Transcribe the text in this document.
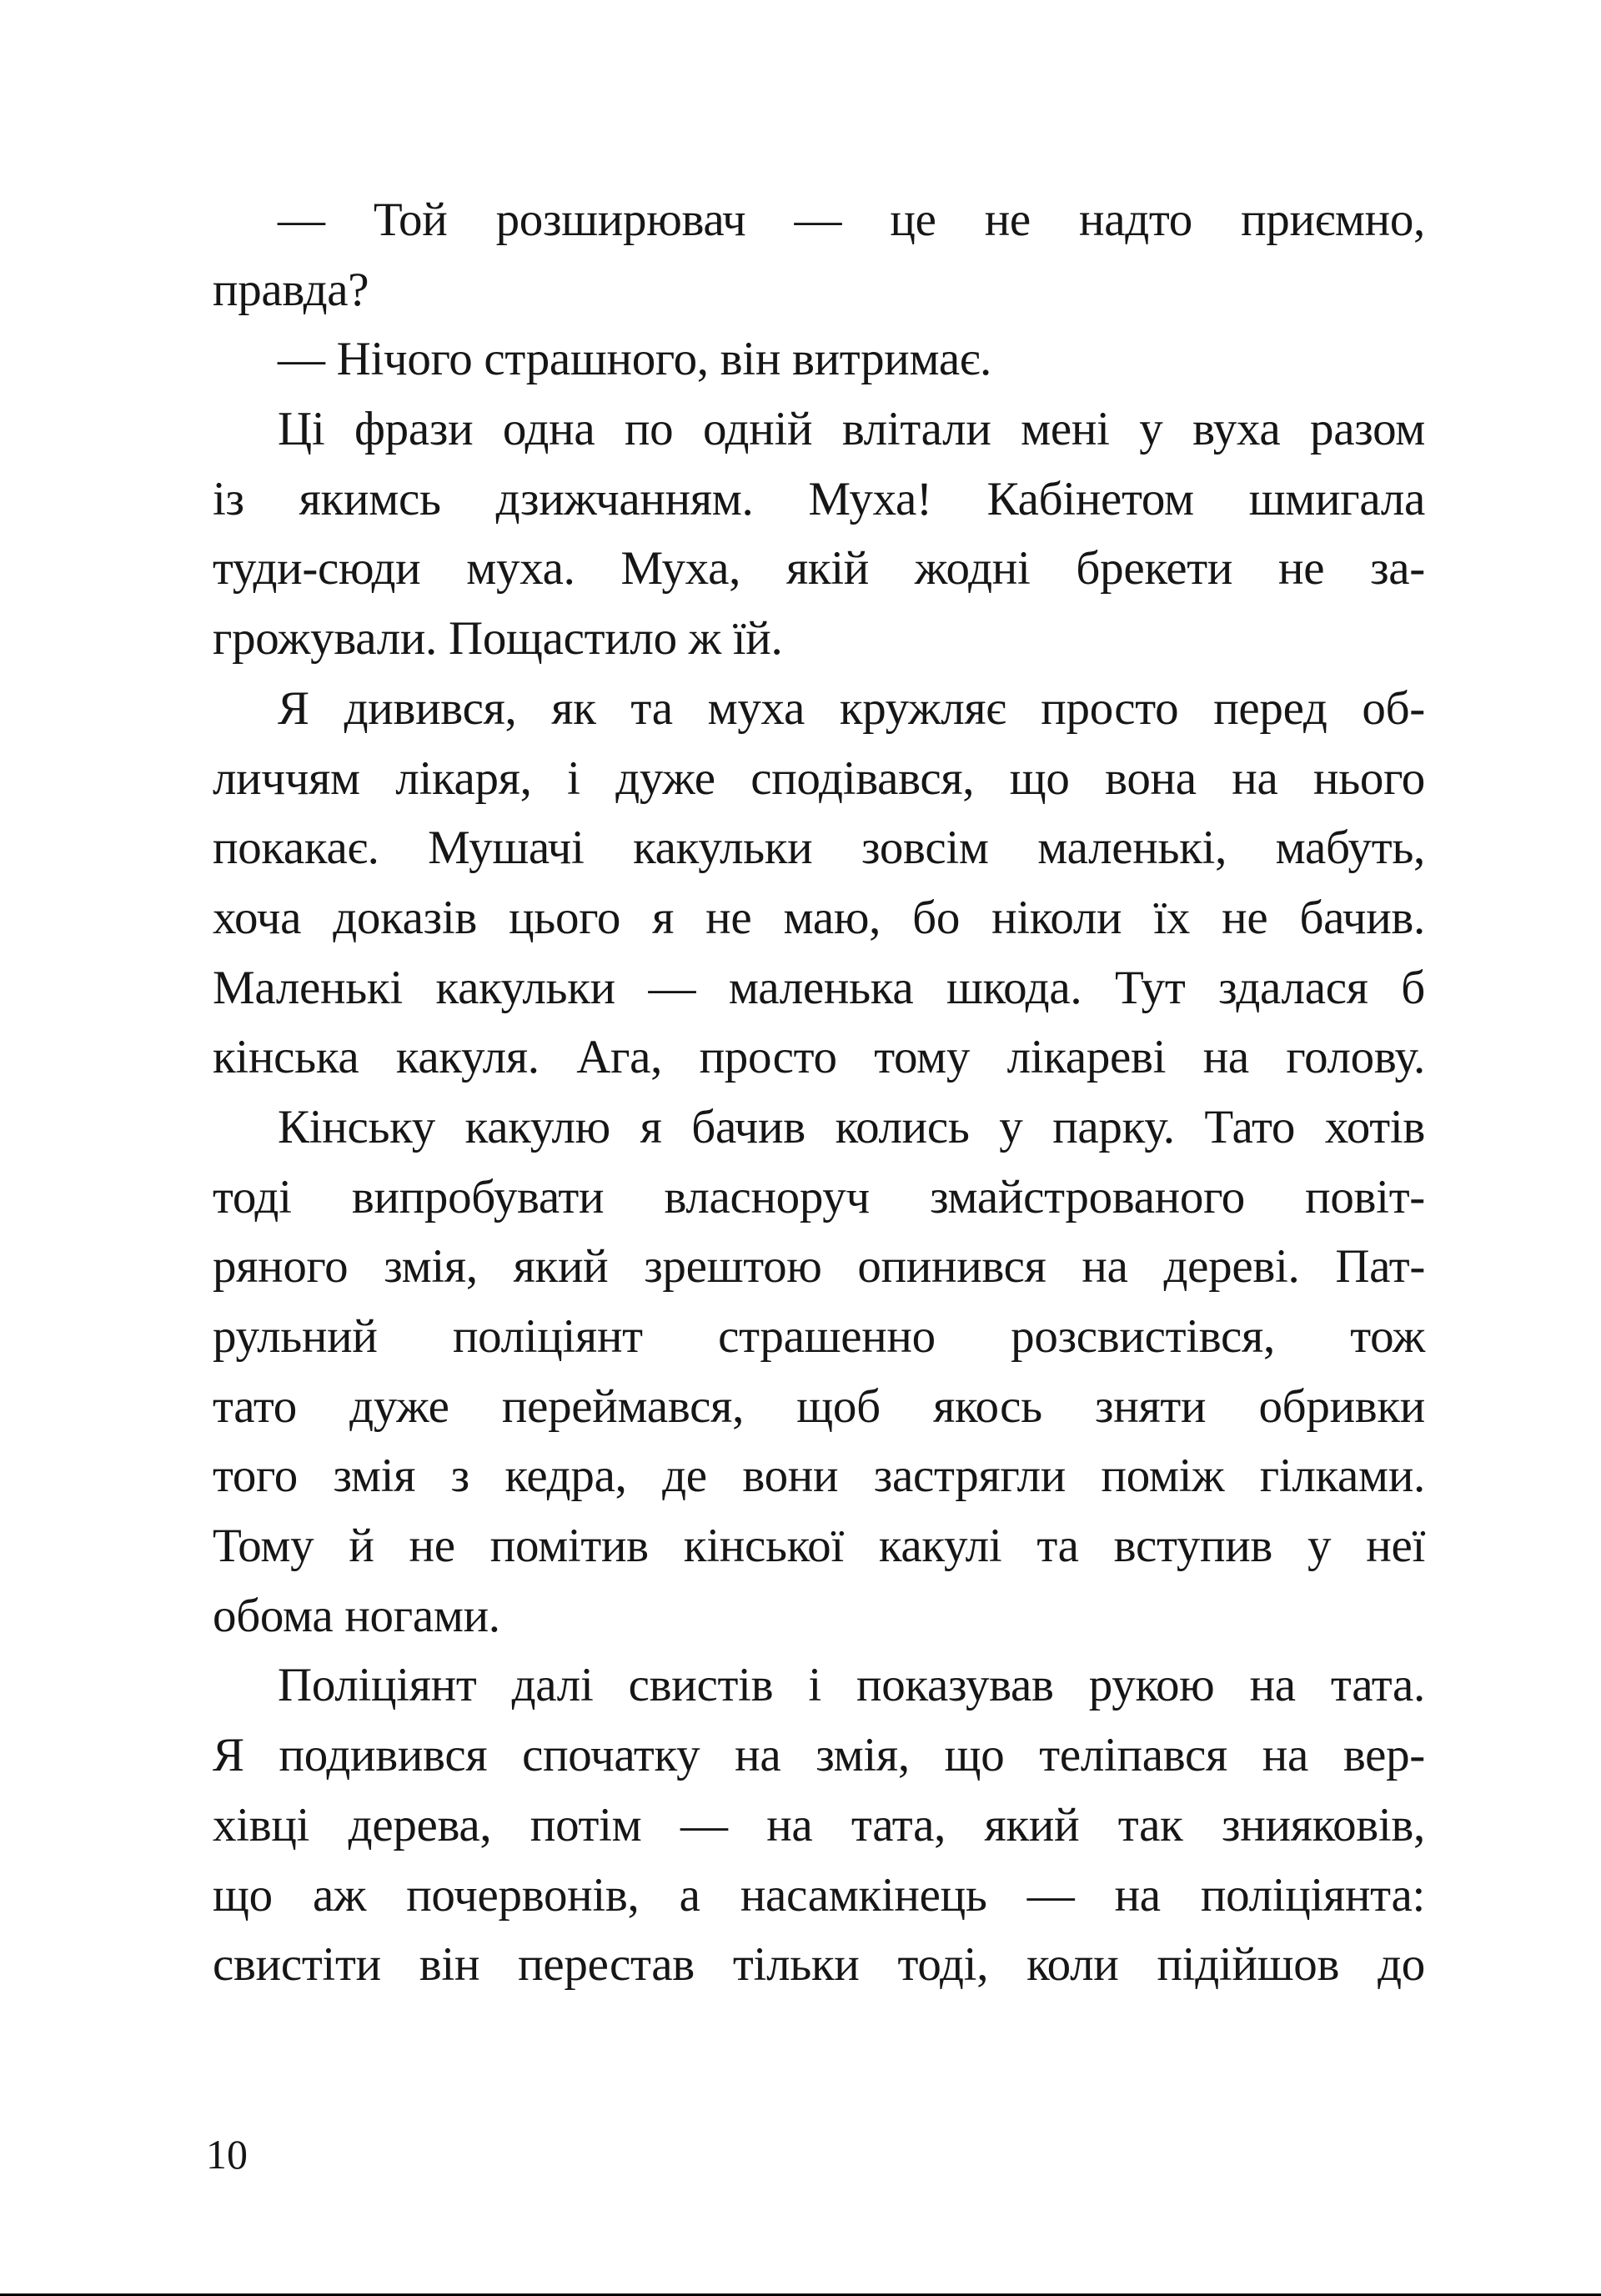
— Той розширювач — це не надто приємно,
правда?
— Нічого страшного, він витримає.
Ці фрази одна по одній влітали мені у вуха разом
із якимсь дзижчанням. Муха! Кабінетом шмигала
туди-сюди муха. Муха, якій жодні брекети не за-
грожували. Пощастило ж їй.
Я дивився, як та муха кружляє просто перед об-
личчям лікаря, і дуже сподівався, що вона на нього
покакає. Мушачі какульки зовсім маленькі, мабуть,
хоча доказів цього я не маю, бо ніколи їх не бачив.
Маленькі какульки — маленька шкода. Тут здалася б
кінська какуля. Ага, просто тому лікареві на голову.
Кінську какулю я бачив колись у парку. Тато хотів
тоді випробувати власноруч змайстрованого повіт-
ряного змія, який зрештою опинився на дереві. Пат-
рульний поліціянт страшенно розсвистівся, тож
тато дуже переймався, щоб якось зняти обривки
того змія з кедра, де вони застрягли поміж гілками.
Тому й не помітив кінської какулі та вступив у неї
обома ногами.
Поліціянт далі свистів і показував рукою на тата.
Я подивився спочатку на змія, що теліпався на вер-
хівці дерева, потім — на тата, який так знияковів,
що аж почервонів, а насамкінець — на поліціянта:
свистіти він перестав тільки тоді, коли підійшов до
10
